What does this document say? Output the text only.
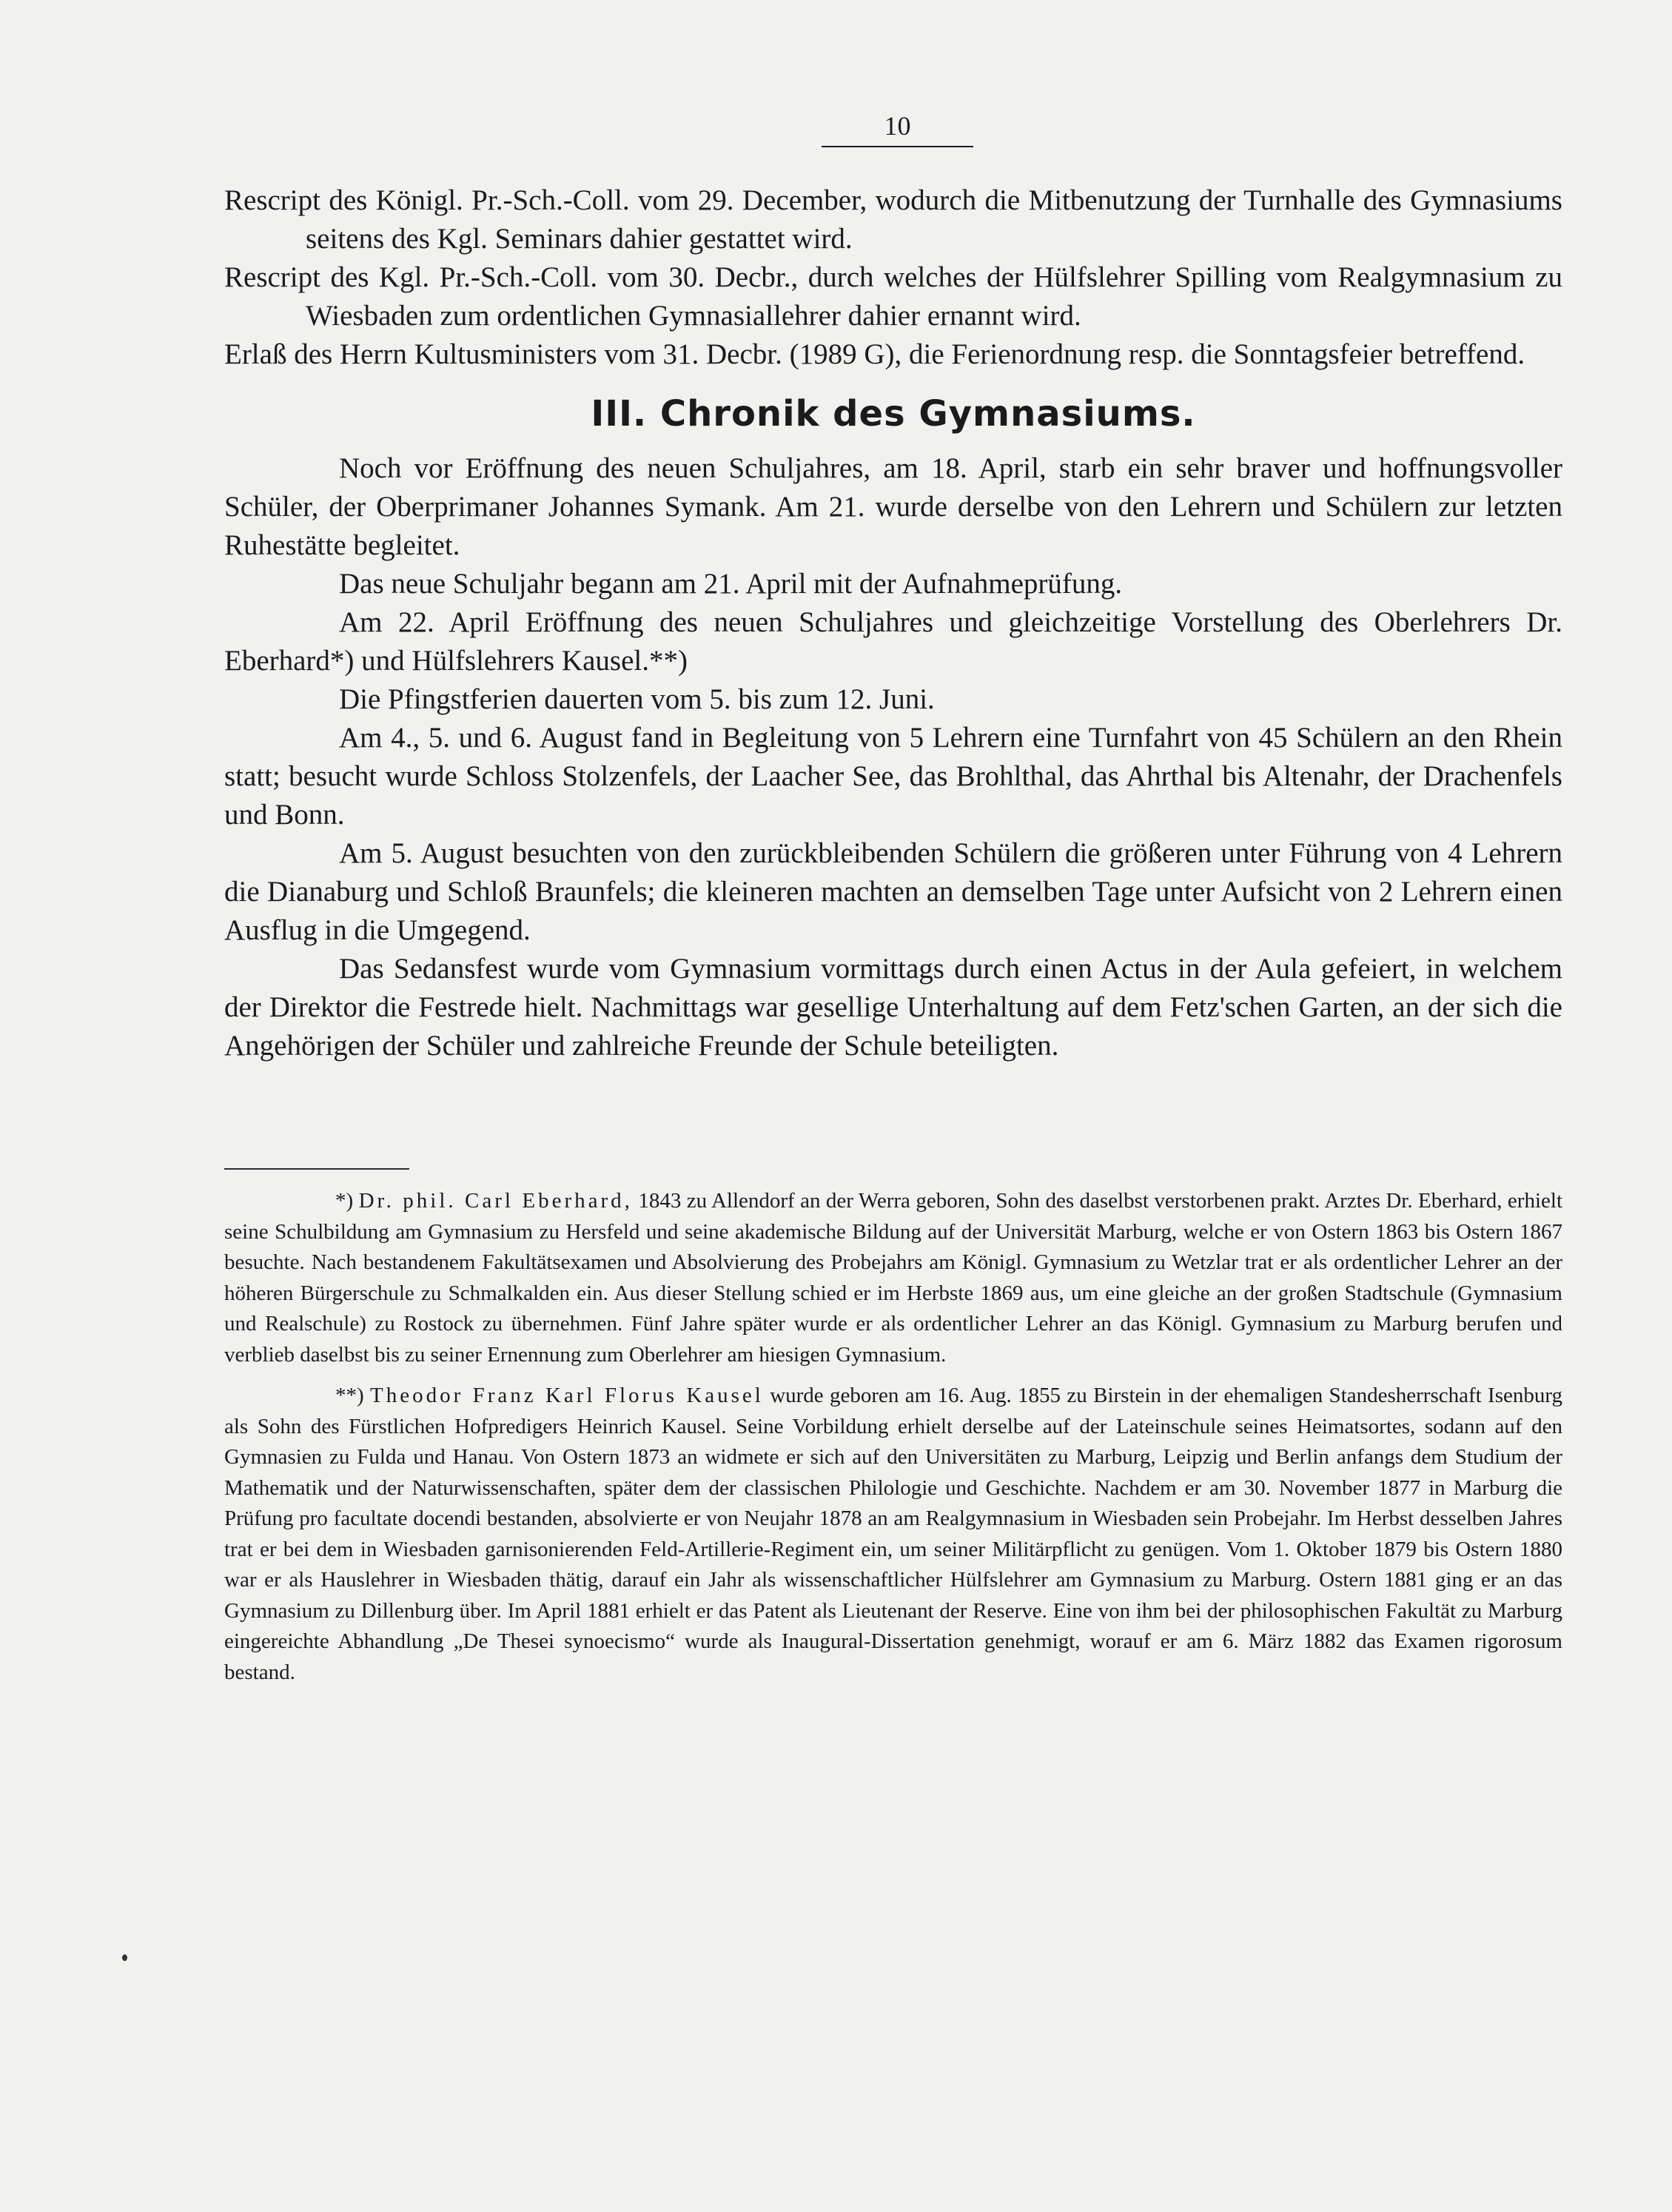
10

Rescript des Königl. Pr.-Sch.-Coll. vom 29. December, wodurch die Mitbenutzung der Turnhalle des Gymnasiums seitens des Kgl. Seminars dahier gestattet wird.

Rescript des Kgl. Pr.-Sch.-Coll. vom 30. Decbr., durch welches der Hülfslehrer Spilling vom Realgymnasium zu Wiesbaden zum ordentlichen Gymnasiallehrer dahier ernannt wird.

Erlaß des Herrn Kultusministers vom 31. Decbr. (1989 G), die Ferienordnung resp. die Sonntagsfeier betreffend.

III. Chronik des Gymnasiums.

Noch vor Eröffnung des neuen Schuljahres, am 18. April, starb ein sehr braver und hoffnungsvoller Schüler, der Oberprimaner Johannes Symank. Am 21. wurde derselbe von den Lehrern und Schülern zur letzten Ruhestätte begleitet.

Das neue Schuljahr begann am 21. April mit der Aufnahmeprüfung.

Am 22. April Eröffnung des neuen Schuljahres und gleichzeitige Vorstellung des Oberlehrers Dr. Eberhard*) und Hülfslehrers Kausel.**)

Die Pfingstferien dauerten vom 5. bis zum 12. Juni.

Am 4., 5. und 6. August fand in Begleitung von 5 Lehrern eine Turnfahrt von 45 Schülern an den Rhein statt; besucht wurde Schloss Stolzenfels, der Laacher See, das Brohlthal, das Ahrthal bis Altenahr, der Drachenfels und Bonn.

Am 5. August besuchten von den zurückbleibenden Schülern die größeren unter Führung von 4 Lehrern die Dianaburg und Schloß Braunfels; die kleineren machten an demselben Tage unter Aufsicht von 2 Lehrern einen Ausflug in die Umgegend.

Das Sedansfest wurde vom Gymnasium vormittags durch einen Actus in der Aula gefeiert, in welchem der Direktor die Festrede hielt. Nachmittags war gesellige Unterhaltung auf dem Fetz'schen Garten, an der sich die Angehörigen der Schüler und zahlreiche Freunde der Schule beteiligten.

*) Dr. phil. Carl Eberhard, 1843 zu Allendorf an der Werra geboren, Sohn des daselbst verstorbenen prakt. Arztes Dr. Eberhard, erhielt seine Schulbildung am Gymnasium zu Hersfeld und seine akademische Bildung auf der Universität Marburg, welche er von Ostern 1863 bis Ostern 1867 besuchte. Nach bestandenem Fakultätsexamen und Absolvierung des Probejahrs am Königl. Gymnasium zu Wetzlar trat er als ordentlicher Lehrer an der höheren Bürgerschule zu Schmalkalden ein. Aus dieser Stellung schied er im Herbste 1869 aus, um eine gleiche an der großen Stadtschule (Gymnasium und Realschule) zu Rostock zu übernehmen. Fünf Jahre später wurde er als ordentlicher Lehrer an das Königl. Gymnasium zu Marburg berufen und verblieb daselbst bis zu seiner Ernennung zum Oberlehrer am hiesigen Gymnasium.

**) Theodor Franz Karl Florus Kausel wurde geboren am 16. Aug. 1855 zu Birstein in der ehemaligen Standesherrschaft Isenburg als Sohn des Fürstlichen Hofpredigers Heinrich Kausel. Seine Vorbildung erhielt derselbe auf der Lateinschule seines Heimatsortes, sodann auf den Gymnasien zu Fulda und Hanau. Von Ostern 1873 an widmete er sich auf den Universitäten zu Marburg, Leipzig und Berlin anfangs dem Studium der Mathematik und der Naturwissenschaften, später dem der classischen Philologie und Geschichte. Nachdem er am 30. November 1877 in Marburg die Prüfung pro facultate docendi bestanden, absolvierte er von Neujahr 1878 an am Realgymnasium in Wiesbaden sein Probejahr. Im Herbst desselben Jahres trat er bei dem in Wiesbaden garnisonierenden Feld-Artillerie-Regiment ein, um seiner Militärpflicht zu genügen. Vom 1. Oktober 1879 bis Ostern 1880 war er als Hauslehrer in Wiesbaden thätig, darauf ein Jahr als wissenschaftlicher Hülfslehrer am Gymnasium zu Marburg. Ostern 1881 ging er an das Gymnasium zu Dillenburg über. Im April 1881 erhielt er das Patent als Lieutenant der Reserve. Eine von ihm bei der philosophischen Fakultät zu Marburg eingereichte Abhandlung „De Thesei synoecismo“ wurde als Inaugural-Dissertation genehmigt, worauf er am 6. März 1882 das Examen rigorosum bestand.
